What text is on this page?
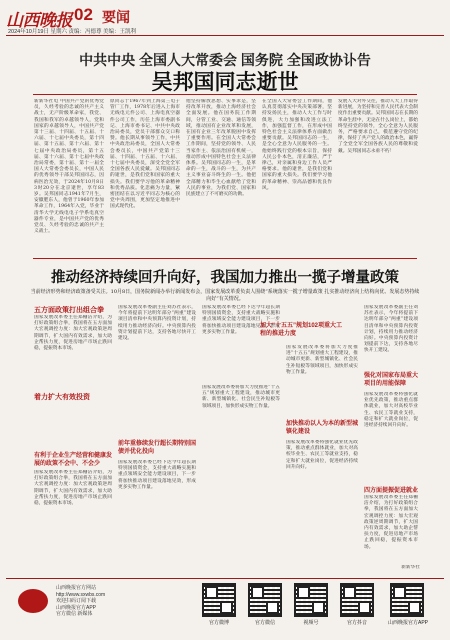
山西晚报 02 要闻
2024年10月19日 星期六 责编：冯德尊 美编：王凯利
中共中央 全国人大常委会 国务院 全国政协讣告
吴邦国同志逝世
新新华社电 中国共产党的优秀党员，久经考验的忠诚的共产主义战士，无产阶级革命家，我党、我国和我军的卓越领导人，党和国家的卓越领导人，中国共产党第十三届、十四届、十五届、十六届、十七届中央委员，第十四届、第十五届、第十六届、第十七届中央政治局委员，第十五届、第十六届、第十七届中央政治局常委，第十届、第十一届全国人大常委会委员长，中国人民的优秀领导干部吴邦国同志，因病医治无效，于2024年10月8日3时20分在北京逝世，享年83岁。吴邦国同志1941年7月生，安徽肥东人，他曾于1960年参加革命工作，1964年入党，毕业于清华大学无线电电子学系电真空器件专业，是中国共产党的优秀党员、久经考验的忠诚的共产主义战士。
原同志于1967年到上海第三电子管厂工作，1978年后进入上海市无线电元件公司、上海电真空器件公司工作，历任上海市委副书记、上海市委书记、中共中央政治局委员，党员干部群众交口称赞。他长期从事领导工作，中共中央政治局委员，全国人大常委会委员长，中国共产党第十三届、十四届、十五届、十六届、十七届中央委员，深受全党全军全国各族人民爱戴。吴邦国同志的逝世，是我们党和国家的重大损失。我们要学习他的革命精神和优秀品质。化悲痛为力量，紧密团结在以习近平同志为核心的党中央周围，更加坚定地推进中国式现代化。
他坚持解放思想、实事求是，坚持改革开放，推动上海经济社会全面发展。他在国务院工作期间，分管工业、交通、通信等领域，推动国有企业改革和发展，在国有企业三年改革脱困中发挥了重要作用。在全国人大常委会工作期间，坚持党的领导、人民当家作主、依法治国有机统一，推动形成中国特色社会主义法律体系。吴邦国同志的一生，是革命的一生，战斗的一生，为共产主义事业奋斗终生的一生。他把全部精力和毕生心血献给了党和人民的事业，为我们党、国家和民族建立了不可磨灭的功勋。
在全国人大常委会工作期间，他认真贯彻落实中央决策部署，坚持发扬民主，推动人大工作与时俱进，大力加强和改进立法工作，加强监督工作，在形成中国特色社会主义法律体系方面做出重要贡献。吴邦国同志的一生，是全心全意为人民服务的一生。他始终践行党的根本宗旨，保持人民公仆本色，清正廉洁，严于律己，对亲属和身边工作人员严格要求。他的逝世，是我们党和国家的重大损失。我们要学习他的革命精神、崇高品德和优良作风。
发展人大对外交往，推动人大工作取得新进展，为坚持和完善人民代表大会制度作出重要贡献。吴邦国同志在长期的革命生涯中，无论在什么岗位上，都始终坚持党的领导，全心全意为人民服务，严格要求自己，模范遵守党的纪律，保持了共产党人的政治本色，赢得了全党全军全国各族人民的尊敬和爱戴。吴邦国同志永垂不朽！
推动经济持续回升向好，我国加力推出一揽子增量政策
当前经济形势和经济政策备受关注。10月8日，国务院新闻办举行新闻发布会，国家发展改革委负责人围绕“系统落实一揽子增量政策 扎实推动经济向上结构向优、发展态势持续向好”有关情况。
五方面政策打出组合拳
国家发展改革委主任郑栅洁介绍，为打好政策组合拳，我国将在五方面加大宏观调控力度：加大宏观政策逆周期调节，扩大国内有效需求，加大助企帮扶力度，促进房地产市场止跌回稳，提振资本市场。
着力扩大有效投资
有利于企业生产经营和健康发展的政策不会中、不会少
国家发展改革委主任郑栅洁介绍，为打好政策组合拳，我国将在五方面加大宏观调控力度：加大宏观政策逆周期调节，扩大国内有效需求，加大助企帮扶力度，促进房地产市场止跌回稳，提振资本市场。
国家发展改革委副主任刘苏社表示，今年将提前下达明年部分“两重”建设项目清单和中央预算内投资计划，持续用力推动经济向好。中央预算内投资计划提前下达，支持各地尽快开工建设。
前年重修续发行超长期特别国债并优化投向
国家发展改革委已经下达今年超长期特别国债资金，支持重大战略实施和重点领域安全能力建设项目，下一步将加快推动项目建设落地见效，形成更多实物工作量。
国家发展改革委已经下达今年超长期特别国债资金，支持重大战略实施和重点领域安全能力建设项目，下一步将加快推动项目建设落地见效，形成更多实物工作量。
加大“十五五”规划102项重大工程的推进力度
国家发展改革委将加大力度推进“十五五”规划重大工程建设，推动城市更新、新型城镇化、社会民生补短板等领域项目，加快形成实物工作量。
国家发展改革委将加大力度推进“十五五”规划重大工程建设，推动城市更新、新型城镇化、社会民生补短板等领域项目，加快形成实物工作量。
加快推动以人为本的新型城镇化建设
国家发展改革委将强化就业优先政策，推动重点群体就业，加大对高校毕业生、农民工等就业支持，稳定和扩大就业岗位，促进经济持续回升向好。
国家发展改革委副主任刘苏社表示，今年将提前下达明年部分“两重”建设项目清单和中央预算内投资计划，持续用力推动经济向好。中央预算内投资计划提前下达，支持各地尽快开工建设。
强化对国家布局重大项目的用能保障
国家发展改革委将强化就业优先政策，推动重点群体就业，加大对高校毕业生、农民工等就业支持，稳定和扩大就业岗位，促进经济持续回升向好。
四方面提振促进就业
国家发展改革委主任郑栅洁介绍，为打好政策组合拳，我国将在五方面加大宏观调控力度：加大宏观政策逆周期调节，扩大国内有效需求，加大助企帮扶力度，促进房地产市场止跌回稳，提振资本市场。
新新华社
山西晚报官方网站
http://www.sxwbs.com
欢迎扫码订阅下载
山西晚报官方APP
官方微信 新媒体
官方微博	官方微信	视频号	官方抖音	山西晚报官方APP
